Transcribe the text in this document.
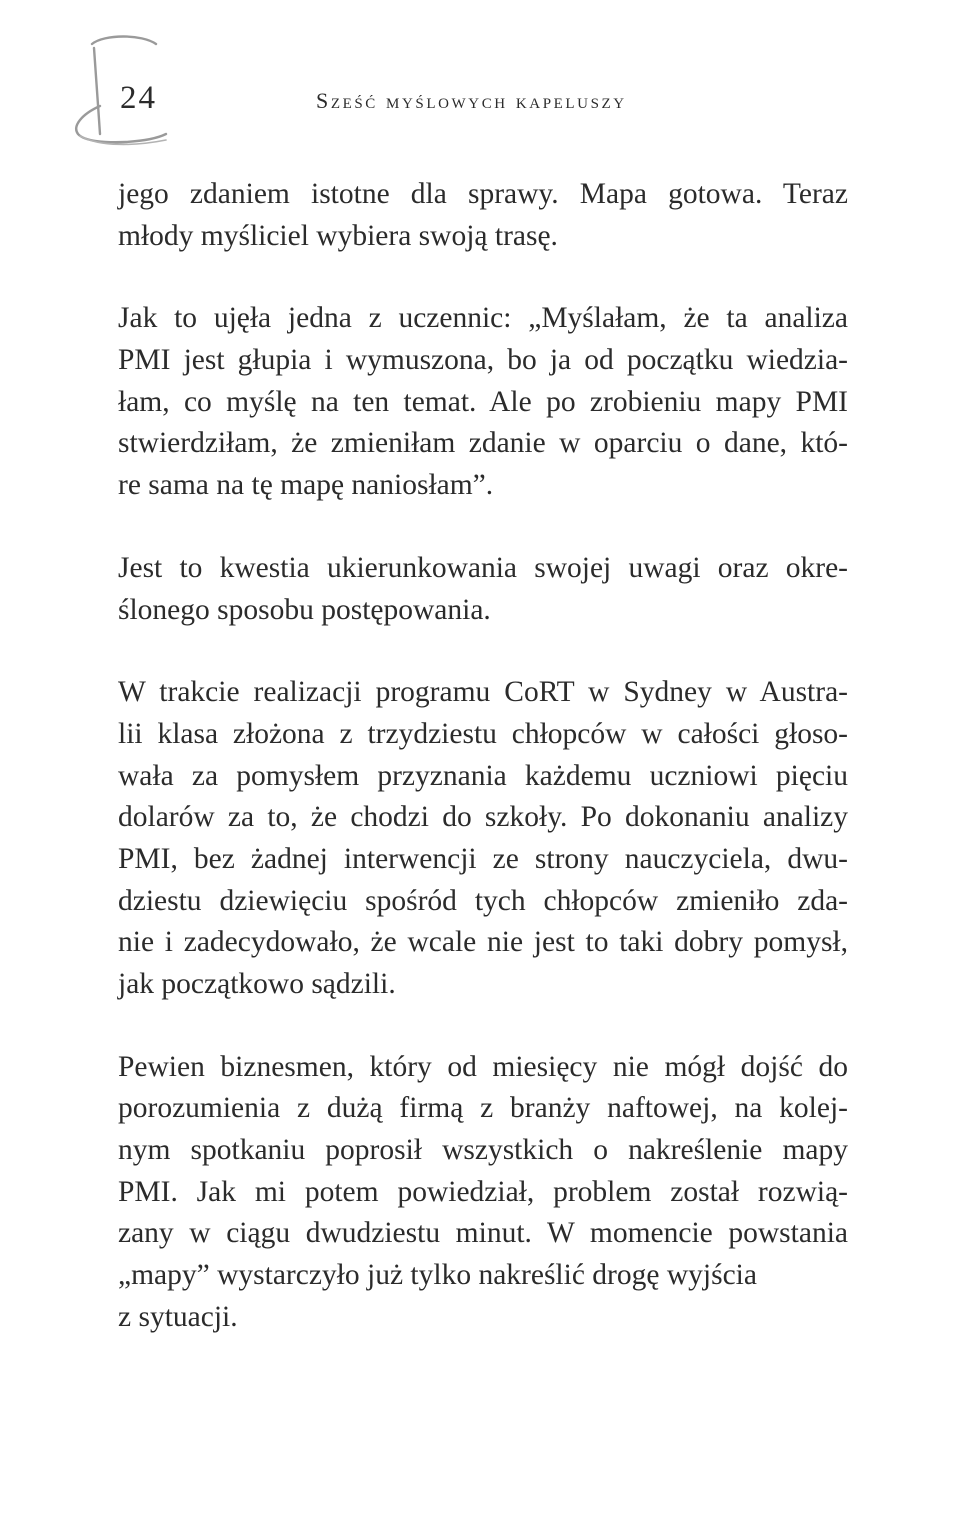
24	Sześć myślowych kapeluszy
jego zdaniem istotne dla sprawy. Mapa gotowa. Teraz
młody myśliciel wybiera swoją trasę.
Jak to ujęła jedna z uczennic: „Myślałam, że ta analiza
PMI jest głupia i wymuszona, bo ja od początku wiedzia-
łam, co myślę na ten temat. Ale po zrobieniu mapy PMI
stwierdziłam, że zmieniłam zdanie w oparciu o dane, któ-
re sama na tę mapę naniosłam”.
Jest to kwestia ukierunkowania swojej uwagi oraz okre-
ślonego sposobu postępowania.
W trakcie realizacji programu CoRT w Sydney w Austra-
lii klasa złożona z trzydziestu chłopców w całości głoso-
wała za pomysłem przyznania każdemu uczniowi pięciu
dolarów za to, że chodzi do szkoły. Po dokonaniu analizy
PMI, bez żadnej interwencji ze strony nauczyciela, dwu-
dziestu dziewięciu spośród tych chłopców zmieniło zda-
nie i zadecydowało, że wcale nie jest to taki dobry pomysł,
jak początkowo sądzili.
Pewien biznesmen, który od miesięcy nie mógł dojść do
porozumienia z dużą firmą z branży naftowej, na kolej-
nym spotkaniu poprosił wszystkich o nakreślenie mapy
PMI. Jak mi potem powiedział, problem został rozwią-
zany w ciągu dwudziestu minut. W momencie powstania
„mapy” wystarczyło już tylko nakreślić drogę wyjścia
z sytuacji.
